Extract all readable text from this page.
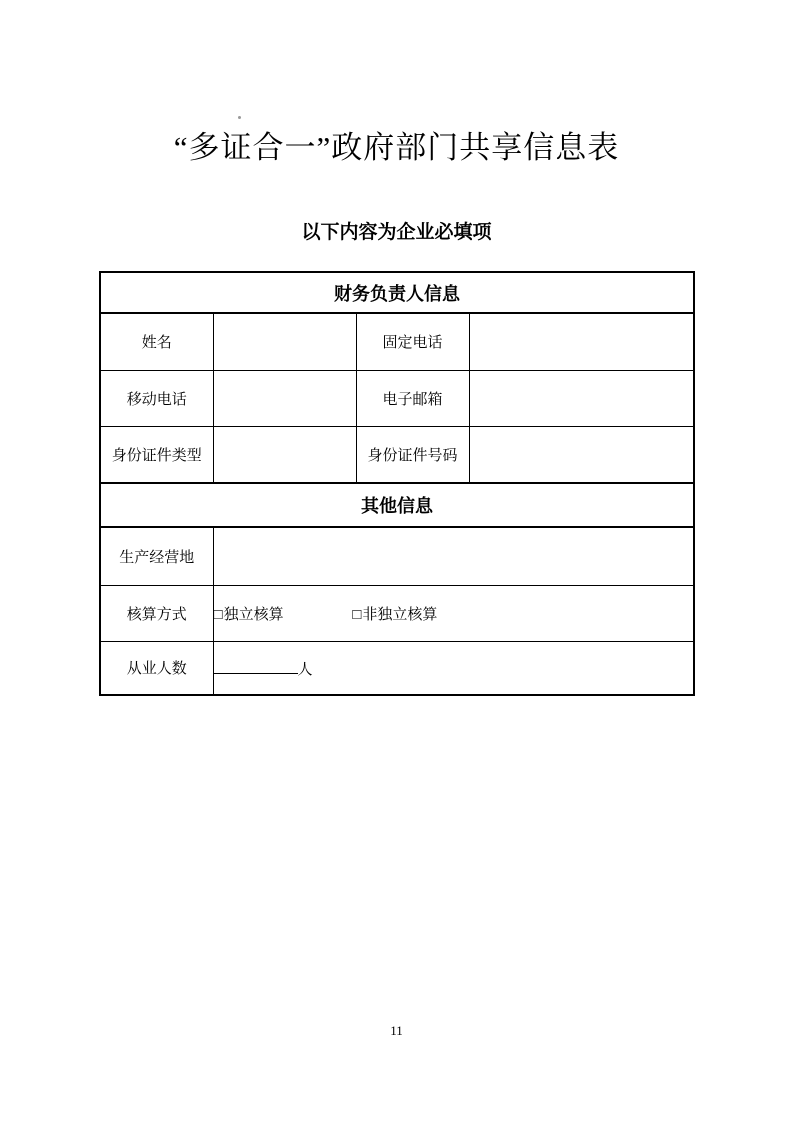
“多证合一”政府部门共享信息表
以下内容为企业必填项
财务负责人信息			
姓名		固定电话	
移动电话		电子邮箱	
身份证件类型		身份证件号码	
其他信息			
生产经营地			
核算方式	□独立核算 □非独立核算		
从业人数	人		
11
